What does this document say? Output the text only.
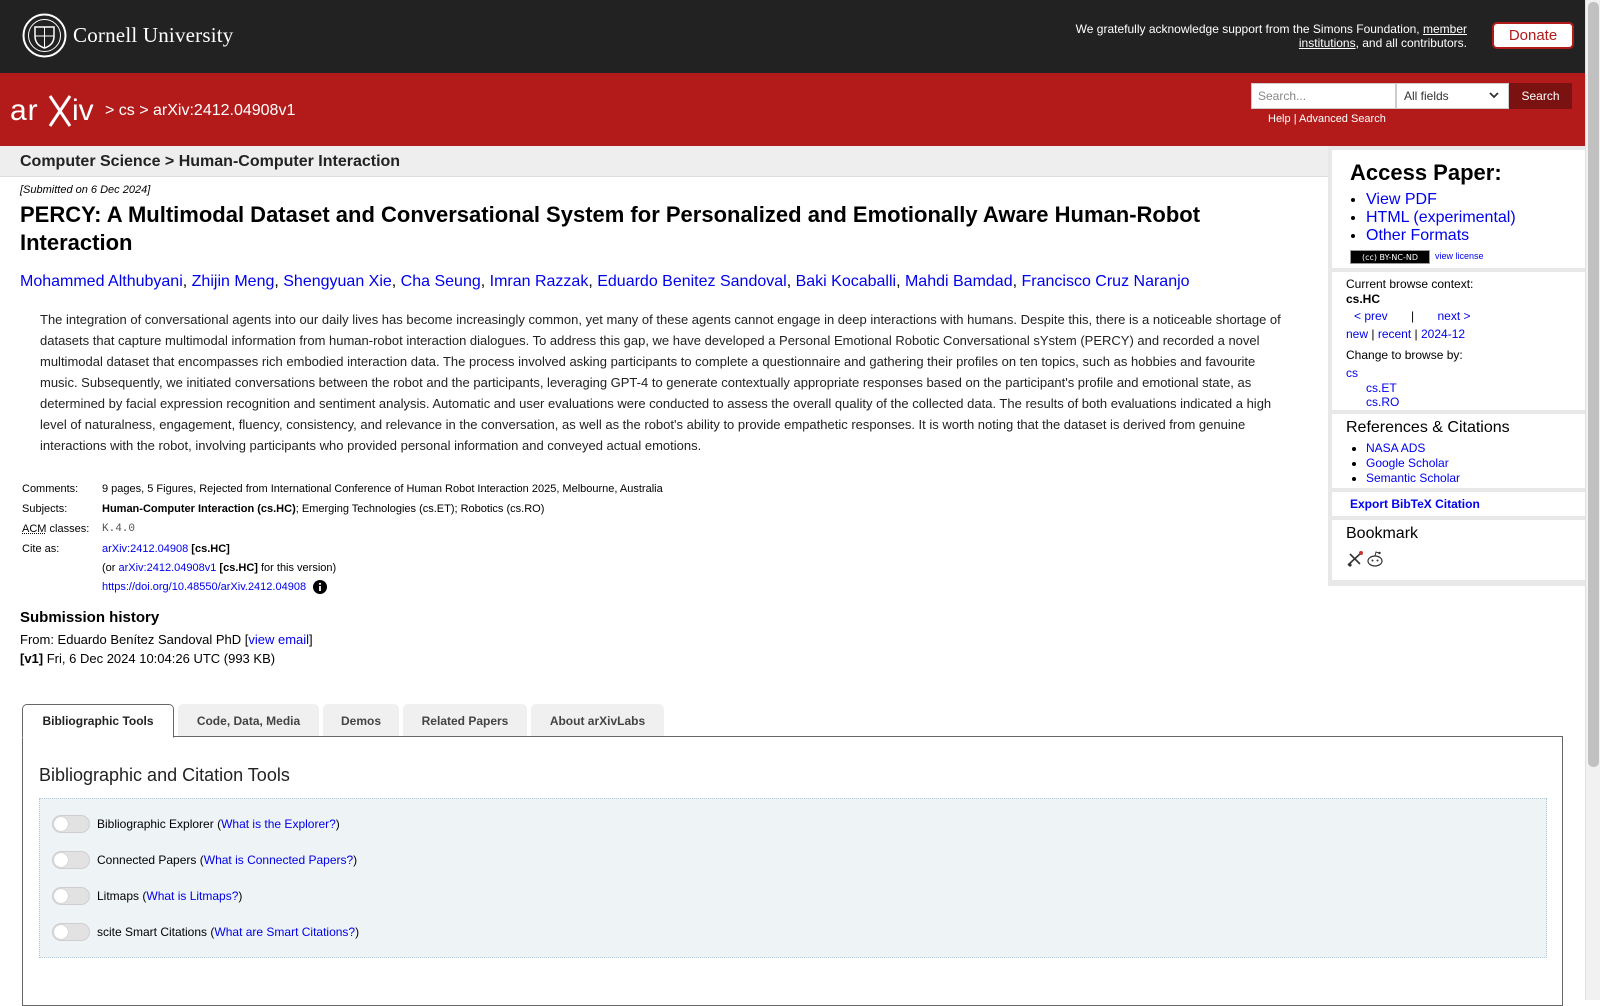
Cornell University	We gratefully acknowledge support from the Simons Foundation, member institutions, and all contributors.	Donate
ar iv > cs > arXiv:2412.04908v1
Search...
All fields	Search
Help | Advanced Search
Computer Science > Human-Computer Interaction
[Submitted on 6 Dec 2024]
PERCY: A Multimodal Dataset and Conversational System for Personalized and Emotionally Aware Human-Robot Interaction
Mohammed Althubyani, Zhijin Meng, Shengyuan Xie, Cha Seung, Imran Razzak, Eduardo Benitez Sandoval, Baki Kocaballi, Mahdi Bamdad, Francisco Cruz Naranjo

The integration of conversational agents into our daily lives has become increasingly common, yet many of these agents cannot engage in deep interactions with humans. Despite this, there is a noticeable shortage of datasets that capture multimodal information from human-robot interaction dialogues. To address this gap, we have developed a Personal Emotional Robotic Conversational sYstem (PERCY) and recorded a novel multimodal dataset that encompasses rich embodied interaction data. The process involved asking participants to complete a questionnaire and gathering their profiles on ten topics, such as hobbies and favourite music. Subsequently, we initiated conversations between the robot and the participants, leveraging GPT-4 to generate contextually appropriate responses based on the participant's profile and emotional state, as determined by facial expression recognition and sentiment analysis. Automatic and user evaluations were conducted to assess the overall quality of the collected data. The results of both evaluations indicated a high level of naturalness, engagement, fluency, consistency, and relevance in the conversation, as well as the robot's ability to provide empathetic responses. It is worth noting that the dataset is derived from genuine interactions with the robot, involving participants who provided personal information and conveyed actual emotions.

Comments:	9 pages, 5 Figures, Rejected from International Conference of Human Robot Interaction 2025, Melbourne, Australia
Subjects:	Human-Computer Interaction (cs.HC); Emerging Technologies (cs.ET); Robotics (cs.RO)
ACM classes:	K.4.0
Cite as:	arXiv:2412.04908 [cs.HC]
(or arXiv:2412.04908v1 [cs.HC] for this version)
https://doi.org/10.48550/arXiv.2412.04908
Submission history
From: Eduardo Benítez Sandoval PhD [view email]
[v1] Fri, 6 Dec 2024 10:04:26 UTC (993 KB)
Bibliographic Tools	Code, Data, Media	Demos	Related Papers	About arXivLabs
Bibliographic and Citation Tools
Bibliographic Explorer ( What is the Explorer? )
Connected Papers ( What is Connected Papers? )
Litmaps ( What is Litmaps? )
scite Smart Citations ( What are Smart Citations? )
Access Paper:
• View PDF
• HTML (experimental)
• Other Formats
(cc) BY-NC-ND	view license
Current browse context:
cs.HC
< prev | next >
new | recent | 2024-12
Change to browse by:
cs
cs.ET
cs.RO
References & Citations
• NASA ADS
• Google Scholar
• Semantic Scholar
Export BibTeX Citation
Bookmark
